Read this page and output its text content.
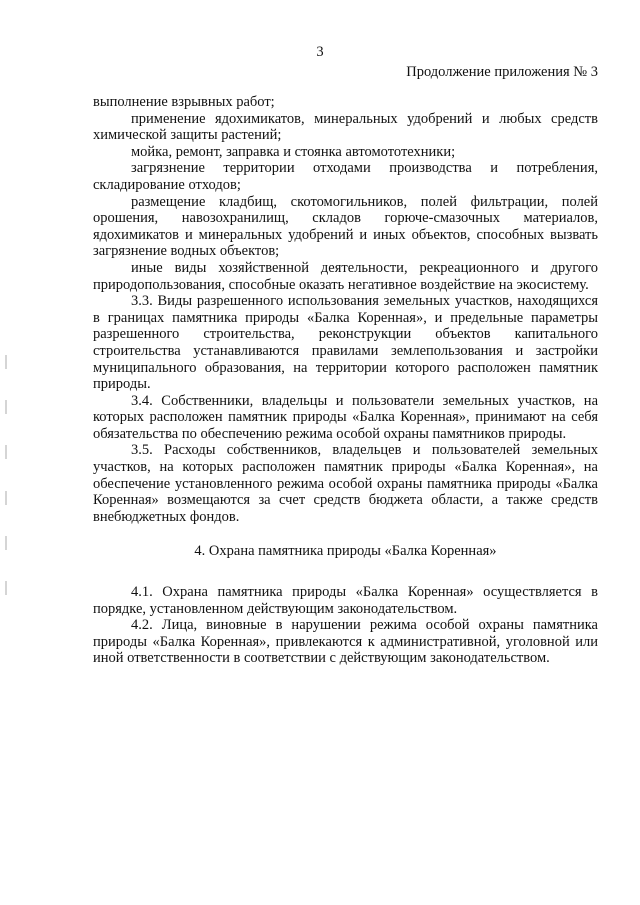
3
Продолжение приложения № 3

выполнение взрывных работ;

применение ядохимикатов, минеральных удобрений и любых средств химической защиты растений;

мойка, ремонт, заправка и стоянка автомототехники;

загрязнение территории отходами производства и потребления, складирование отходов;

размещение кладбищ, скотомогильников, полей фильтрации, полей орошения, навозохранилищ, складов горюче-смазочных материалов, ядохимикатов и минеральных удобрений и иных объектов, способных вызвать загрязнение водных объектов;

иные виды хозяйственной деятельности, рекреационного и другого природопользования, способные оказать негативное воздействие на экосистему.

3.3. Виды разрешенного использования земельных участков, находящихся в границах памятника природы «Балка Коренная», и предельные параметры разрешенного строительства, реконструкции объектов капитального строительства устанавливаются правилами землепользования и застройки муниципального образования, на территории которого расположен памятник природы.

3.4. Собственники, владельцы и пользователи земельных участков, на которых расположен памятник природы «Балка Коренная», принимают на себя обязательства по обеспечению режима особой охраны памятников природы.

3.5. Расходы собственников, владельцев и пользователей земельных участков, на которых расположен памятник природы «Балка Коренная», на обеспечение установленного режима особой охраны памятника природы «Балка Коренная» возмещаются за счет средств бюджета области, а также средств внебюджетных фондов.

4. Охрана памятника природы «Балка Коренная»

4.1. Охрана памятника природы «Балка Коренная» осуществляется в порядке, установленном действующим законодательством.

4.2. Лица, виновные в нарушении режима особой охраны памятника природы «Балка Коренная», привлекаются к административной, уголовной или иной ответственности в соответствии с действующим законодательством.
